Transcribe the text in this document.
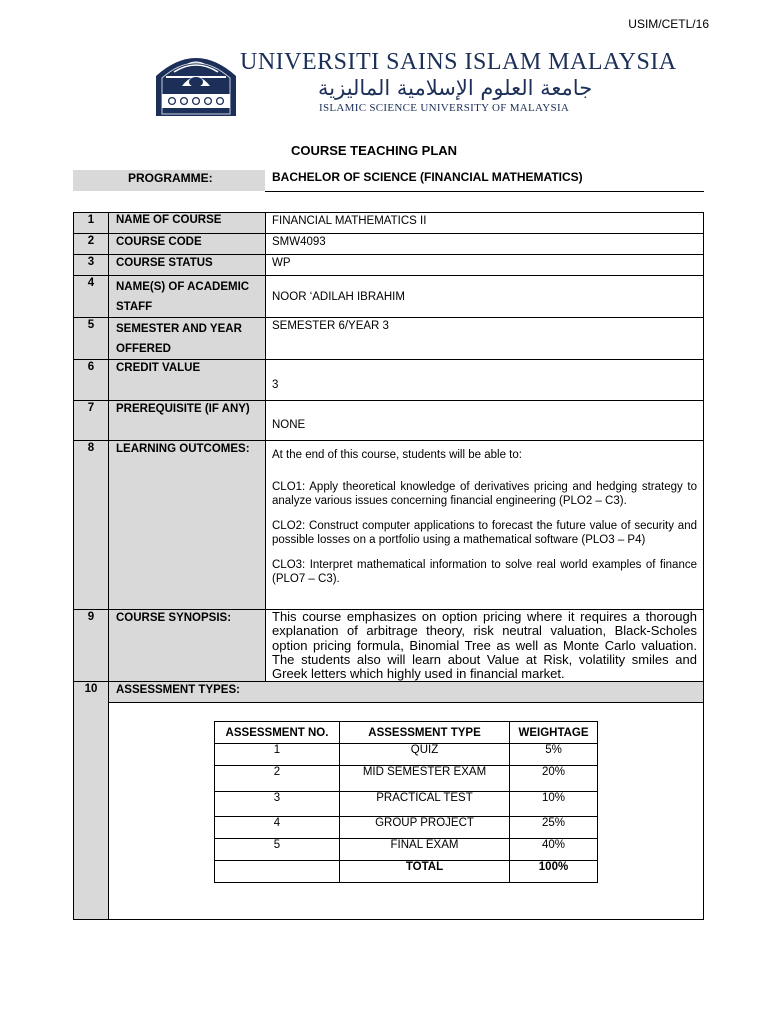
USIM/CETL/16
UNIVERSITI SAINS ISLAM MALAYSIA
جامعة العلوم الإسلامية الماليزية
ISLAMIC SCIENCE UNIVERSITY OF MALAYSIA
COURSE TEACHING PLAN
PROGRAMME:	BACHELOR OF SCIENCE (FINANCIAL MATHEMATICS)
1	NAME OF COURSE	FINANCIAL MATHEMATICS II
2	COURSE CODE	SMW4093
3	COURSE STATUS	WP
4	NAME(S) OF ACADEMIC STAFF	NOOR ‘ADILAH IBRAHIM
5	SEMESTER AND YEAR OFFERED	SEMESTER 6/YEAR 3
6	CREDIT VALUE	3
7	PREREQUISITE (IF ANY)	NONE
8	LEARNING OUTCOMES:	At the end of this course, students will be able to:

CLO1: Apply theoretical knowledge of derivatives pricing and hedging strategy to analyze various issues concerning financial engineering (PLO2 – C3).

CLO2: Construct computer applications to forecast the future value of security and possible losses on a portfolio using a mathematical software (PLO3 – P4)

CLO3: Interpret mathematical information to solve real world examples of finance (PLO7 – C3).

9	COURSE SYNOPSIS:	This course emphasizes on option pricing where it requires a thorough explanation of arbitrage theory, risk neutral valuation, Black-Scholes option pricing formula, Binomial Tree as well as Monte Carlo valuation. The students also will learn about Value at Risk, volatility smiles and Greek letters which highly used in financial market.

10	ASSESSMENT TYPES:

ASSESSMENT NO.	ASSESSMENT TYPE	WEIGHTAGE
1	QUIZ	5%
2	MID SEMESTER EXAM	20%
3	PRACTICAL TEST	10%
4	GROUP PROJECT	25%
5	FINAL EXAM	40%
	TOTAL	100%
